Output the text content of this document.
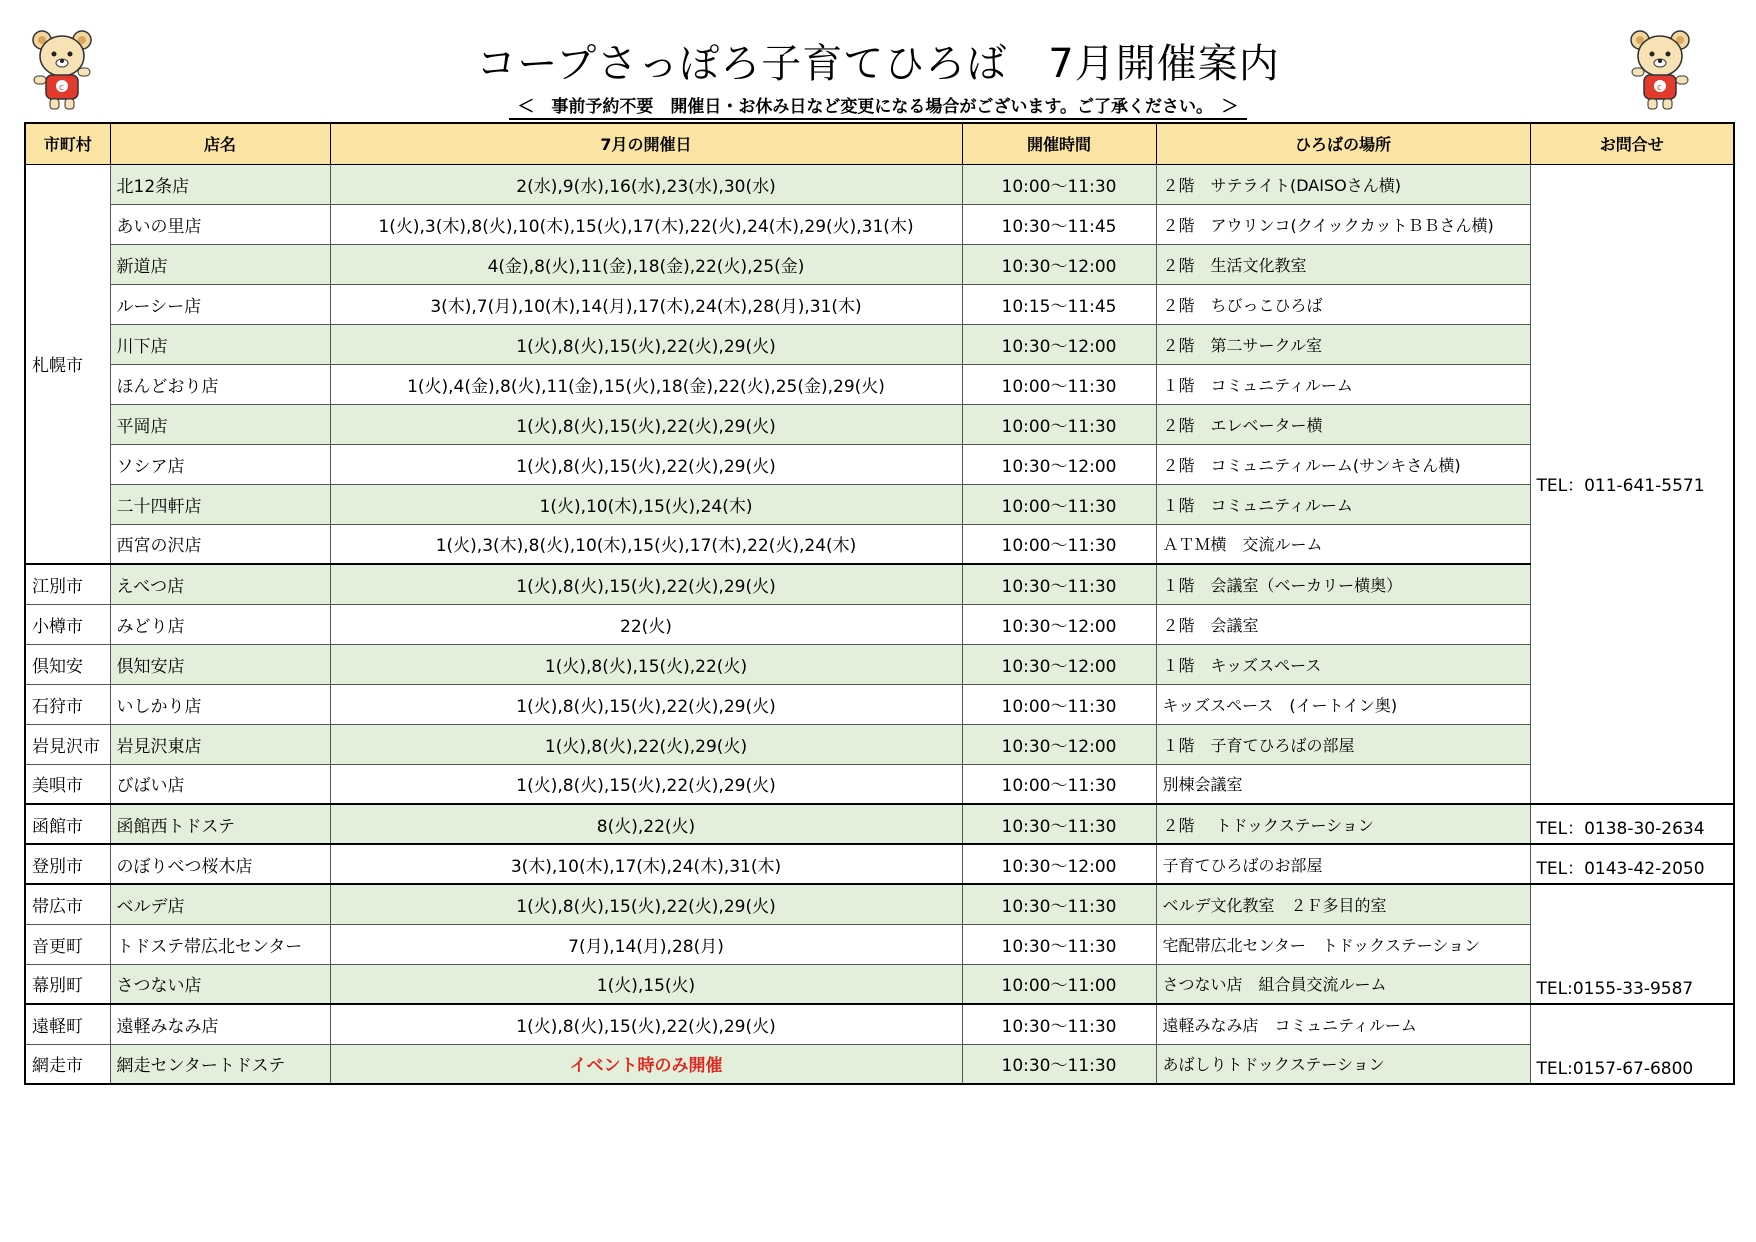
c	c
コープさっぽろ子育てひろば　7月開催案内
＜　事前予約不要　開催日・お休み日など変更になる場合がございます。ご了承ください。　＞
市町村	店名	7月の開催日	開催時間	ひろばの場所	お問合せ
札幌市	北12条店	2(水),9(水),16(水),23(水),30(水)	10:00～11:30	２階　サテライト(DAISOさん横)	TEL：011-641-5571
	あいの里店	1(火),3(木),8(火),10(木),15(火),17(木),22(火),24(木),29(火),31(木)	10:30～11:45	２階　アウリンコ(クイックカットＢＢさん横)	
	新道店	4(金),8(火),11(金),18(金),22(火),25(金)	10:30～12:00	２階　生活文化教室	
	ルーシー店	3(木),7(月),10(木),14(月),17(木),24(木),28(月),31(木)	10:15～11:45	２階　ちびっこひろば	
	川下店	1(火),8(火),15(火),22(火),29(火)	10:30～12:00	２階　第二サークル室	
	ほんどおり店	1(火),4(金),8(火),11(金),15(火),18(金),22(火),25(金),29(火)	10:00～11:30	１階　コミュニティルーム	
	平岡店	1(火),8(火),15(火),22(火),29(火)	10:00～11:30	２階　エレベーター横	
	ソシア店	1(火),8(火),15(火),22(火),29(火)	10:30～12:00	２階　コミュニティルーム(サンキさん横)	
	二十四軒店	1(火),10(木),15(火),24(木)	10:00～11:30	１階　コミュニティルーム	
	西宮の沢店	1(火),3(木),8(火),10(木),15(火),17(木),22(火),24(木)	10:00～11:30	ＡＴＭ横　交流ルーム	
江別市	えべつ店	1(火),8(火),15(火),22(火),29(火)	10:30～11:30	１階　会議室（ベーカリー横奥）	
小樽市	みどり店	22(火)	10:30～12:00	２階　会議室	
倶知安	倶知安店	1(火),8(火),15(火),22(火)	10:30～12:00	１階　キッズスペース	
石狩市	いしかり店	1(火),8(火),15(火),22(火),29(火)	10:00～11:30	キッズスペース　(イートイン奥)	
岩見沢市	岩見沢東店	1(火),8(火),22(火),29(火)	10:30～12:00	１階　子育てひろばの部屋	
美唄市	びばい店	1(火),8(火),15(火),22(火),29(火)	10:00～11:30	別棟会議室	
函館市	函館西トドステ	8(火),22(火)	10:30～11:30	２階　 トドックステーション	TEL：0138-30-2634
登別市	のぼりべつ桜木店	3(木),10(木),17(木),24(木),31(木)	10:30～12:00	子育てひろばのお部屋	TEL：0143-42-2050
帯広市	ベルデ店	1(火),8(火),15(火),22(火),29(火)	10:30～11:30	ベルデ文化教室　２Ｆ多目的室	TEL:0155-33-9587
音更町	トドステ帯広北センター	7(月),14(月),28(月)	10:30～11:30	宅配帯広北センター　トドックステーション	
幕別町	さつない店	1(火),15(火)	10:00～11:00	さつない店　組合員交流ルーム	
遠軽町	遠軽みなみ店	1(火),8(火),15(火),22(火),29(火)	10:30～11:30	遠軽みなみ店　コミュニティルーム	TEL:0157-67-6800
網走市	網走センタートドステ	イベント時のみ開催	10:30～11:30	あばしりトドックステーション	
